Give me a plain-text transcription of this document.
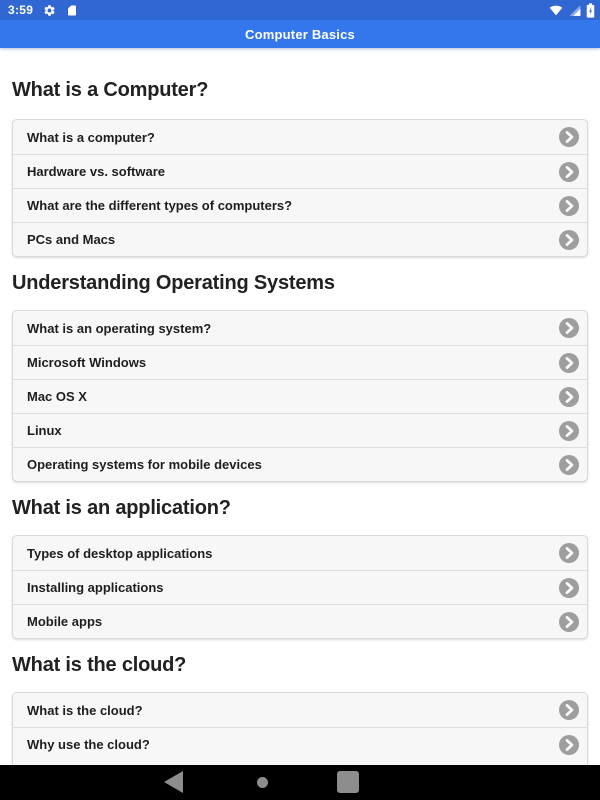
3:59
Computer Basics
What is a Computer?
What is a computer?
Hardware vs. software
What are the different types of computers?
PCs and Macs
Understanding Operating Systems
What is an operating system?
Microsoft Windows
Mac OS X
Linux
Operating systems for mobile devices
What is an application?
Types of desktop applications
Installing applications
Mobile apps
What is the cloud?
What is the cloud?
Why use the cloud?
